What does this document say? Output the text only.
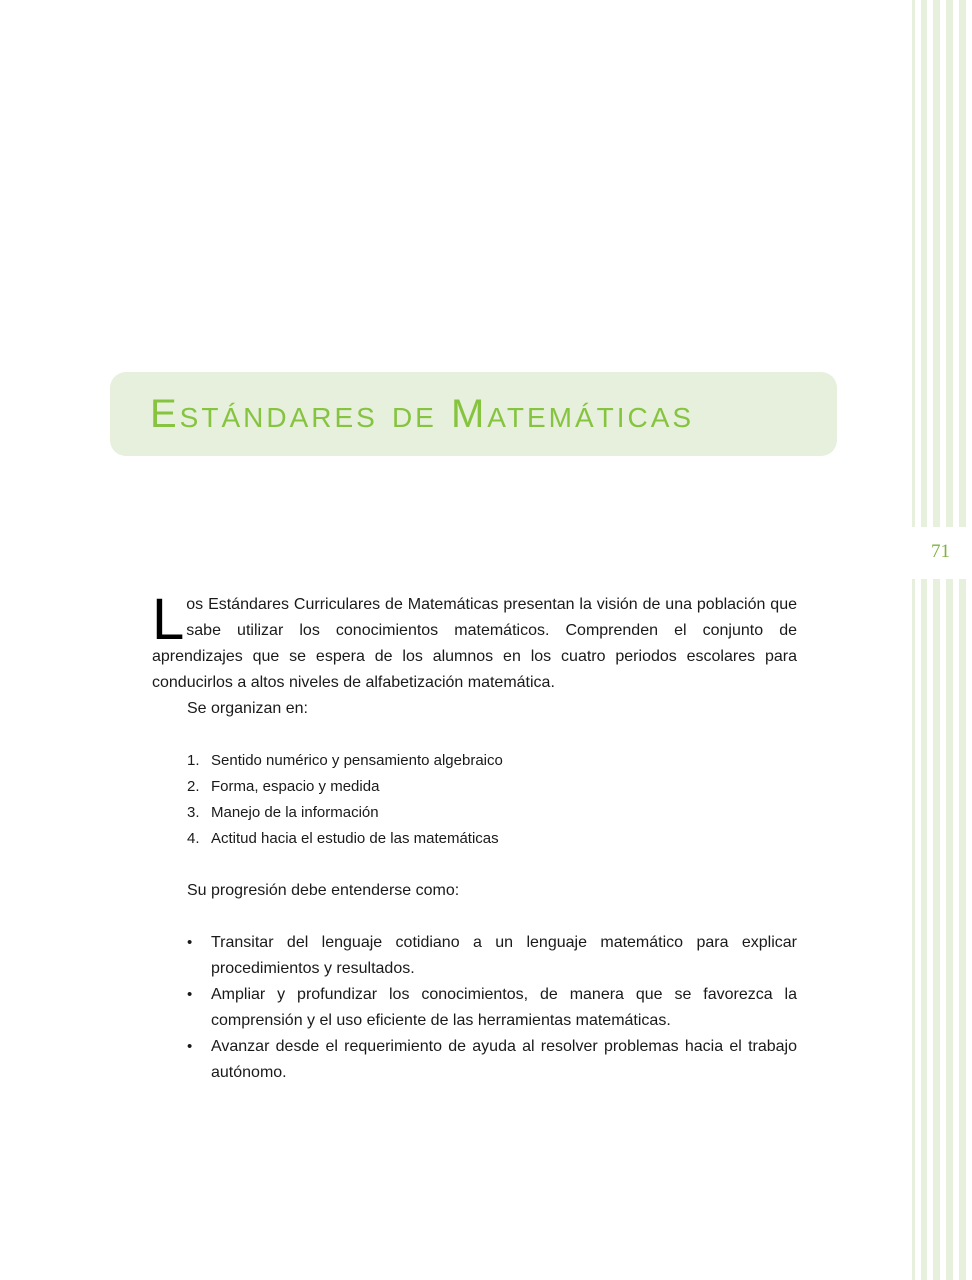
71
Estándares de Matemáticas

Los Estándares Curriculares de Matemáticas presentan la visión de una población que sabe utilizar los conocimientos matemáticos. Comprenden el conjunto de aprendizajes que se espera de los alumnos en los cuatro periodos escolares para conducirlos a altos niveles de alfabetización matemática.

Se organizan en:

1. Sentido numérico y pensamiento algebraico
2. Forma, espacio y medida
3. Manejo de la información
4. Actitud hacia el estudio de las matemáticas

Su progresión debe entenderse como:

• Transitar del lenguaje cotidiano a un lenguaje matemático para explicar procedimientos y resultados.
• Ampliar y profundizar los conocimientos, de manera que se favorezca la comprensión y el uso eficiente de las herramientas matemáticas.
• Avanzar desde el requerimiento de ayuda al resolver problemas hacia el trabajo autónomo.
